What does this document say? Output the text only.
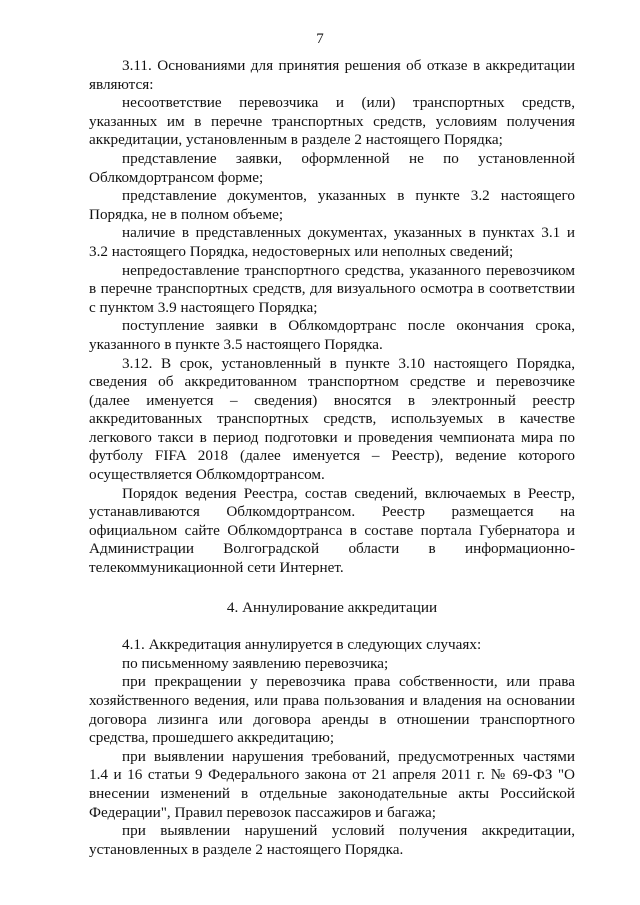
7

3.11. Основаниями для принятия решения об отказе в аккредитации являются:

несоответствие перевозчика и (или) транспортных средств, указанных им в перечне транспортных средств, условиям получения аккредитации, установленным в разделе 2 настоящего Порядка;

представление заявки, оформленной не по установленной Облкомдортрансом форме;

представление документов, указанных в пункте 3.2 настоящего Порядка, не в полном объеме;

наличие в представленных документах, указанных в пунктах 3.1 и 3.2 настоящего Порядка, недостоверных или неполных сведений;

непредоставление транспортного средства, указанного перевозчиком в перечне транспортных средств, для визуального осмотра в соответствии с пунктом 3.9 настоящего Порядка;

поступление заявки в Облкомдортранс после окончания срока, указанного в пункте 3.5 настоящего Порядка.

3.12. В срок, установленный в пункте 3.10 настоящего Порядка, сведения об аккредитованном транспортном средстве и перевозчике (далее именуется – сведения) вносятся в электронный реестр аккредитованных транспортных средств, используемых в качестве легкового такси в период подготовки и проведения чемпионата мира по футболу FIFA 2018 (далее именуется – Реестр), ведение которого осуществляется Облкомдортрансом.

Порядок ведения Реестра, состав сведений, включаемых в Реестр, устанавливаются Облкомдортрансом. Реестр размещается на официальном сайте Облкомдортранса в составе портала Губернатора и Администрации Волгоградской области в информационно-телекоммуникационной сети Интернет.

4. Аннулирование аккредитации

4.1. Аккредитация аннулируется в следующих случаях:

по письменному заявлению перевозчика;

при прекращении у перевозчика права собственности, или права хозяйственного ведения, или права пользования и владения на основании договора лизинга или договора аренды в отношении транспортного средства, прошедшего аккредитацию;

при выявлении нарушения требований, предусмотренных частями 1.4 и 16 статьи 9 Федерального закона от 21 апреля 2011 г. № 69-ФЗ "О внесении изменений в отдельные законодательные акты Российской Федерации", Правил перевозок пассажиров и багажа;

при выявлении нарушений условий получения аккредитации, установленных в разделе 2 настоящего Порядка.
